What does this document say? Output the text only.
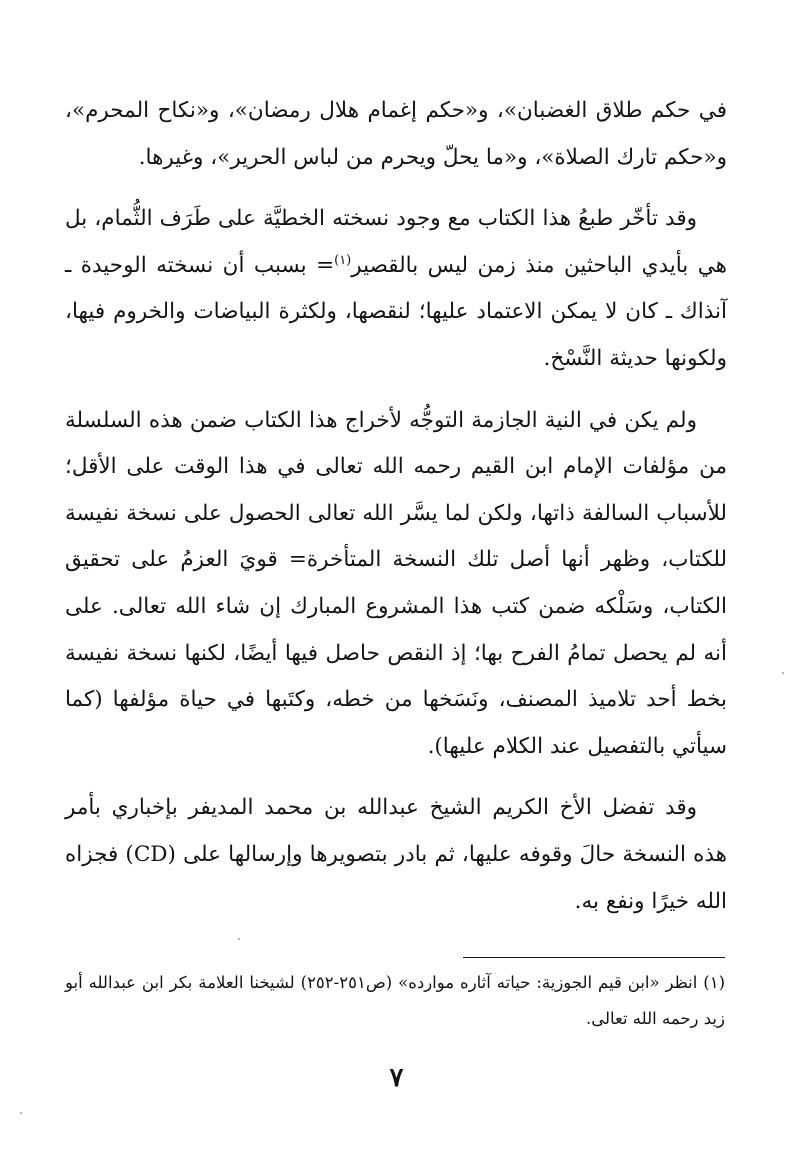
في حكم طلاق الغضبان»، و«حكم إغمام هلال رمضان»، و«نكاح المحرم»، و«حكم تارك الصلاة»، و«ما يحلّ ويحرم من لباس الحرير»، وغيرها.

وقد تأخّر طبعُ هذا الكتاب مع وجود نسخته الخطيَّة على طَرَف الثُّمام، بل هي بأيدي الباحثين منذ زمن ليس بالقصير$^{(١)}$= بسبب أن نسخته الوحيدة ـ آنذاك ـ كان لا يمكن الاعتماد عليها؛ لنقصها، ولكثرة البياضات والخروم فيها، ولكونها حديثة النَّسْخ.

ولم يكن في النية الجازمة التوجُّه لأخراج هذا الكتاب ضمن هذه السلسلة من مؤلفات الإمام ابن القيم رحمه الله تعالى في هذا الوقت على الأقل؛ للأسباب السالفة ذاتها، ولكن لما يسَّر الله تعالى الحصول على نسخة نفيسة للكتاب، وظهر أنها أصل تلك النسخة المتأخرة= قويَ العزمُ على تحقيق الكتاب، وسَلْكه ضمن كتب هذا المشروع المبارك إن شاء الله تعالى. على أنه لم يحصل تمامُ الفرح بها؛ إذ النقص حاصل فيها أيضًا، لكنها نسخة نفيسة بخط أحد تلاميذ المصنف، ونَسَخها من خطه، وكتَبها في حياة مؤلفها (كما سيأتي بالتفصيل عند الكلام عليها).

وقد تفضل الأخ الكريم الشيخ عبدالله بن محمد المديفر بإخباري بأمر هذه النسخة حالَ وقوفه عليها، ثم بادر بتصويرها وإرسالها على (CD) فجزاه الله خيرًا ونفع به.

(١) انظر «ابن قيم الجوزية: حياته آثاره موارده» (ص٢٥١-٢٥٢) لشيخنا العلامة بكر ابن عبدالله أبو زيد رحمه الله تعالى.

٧
